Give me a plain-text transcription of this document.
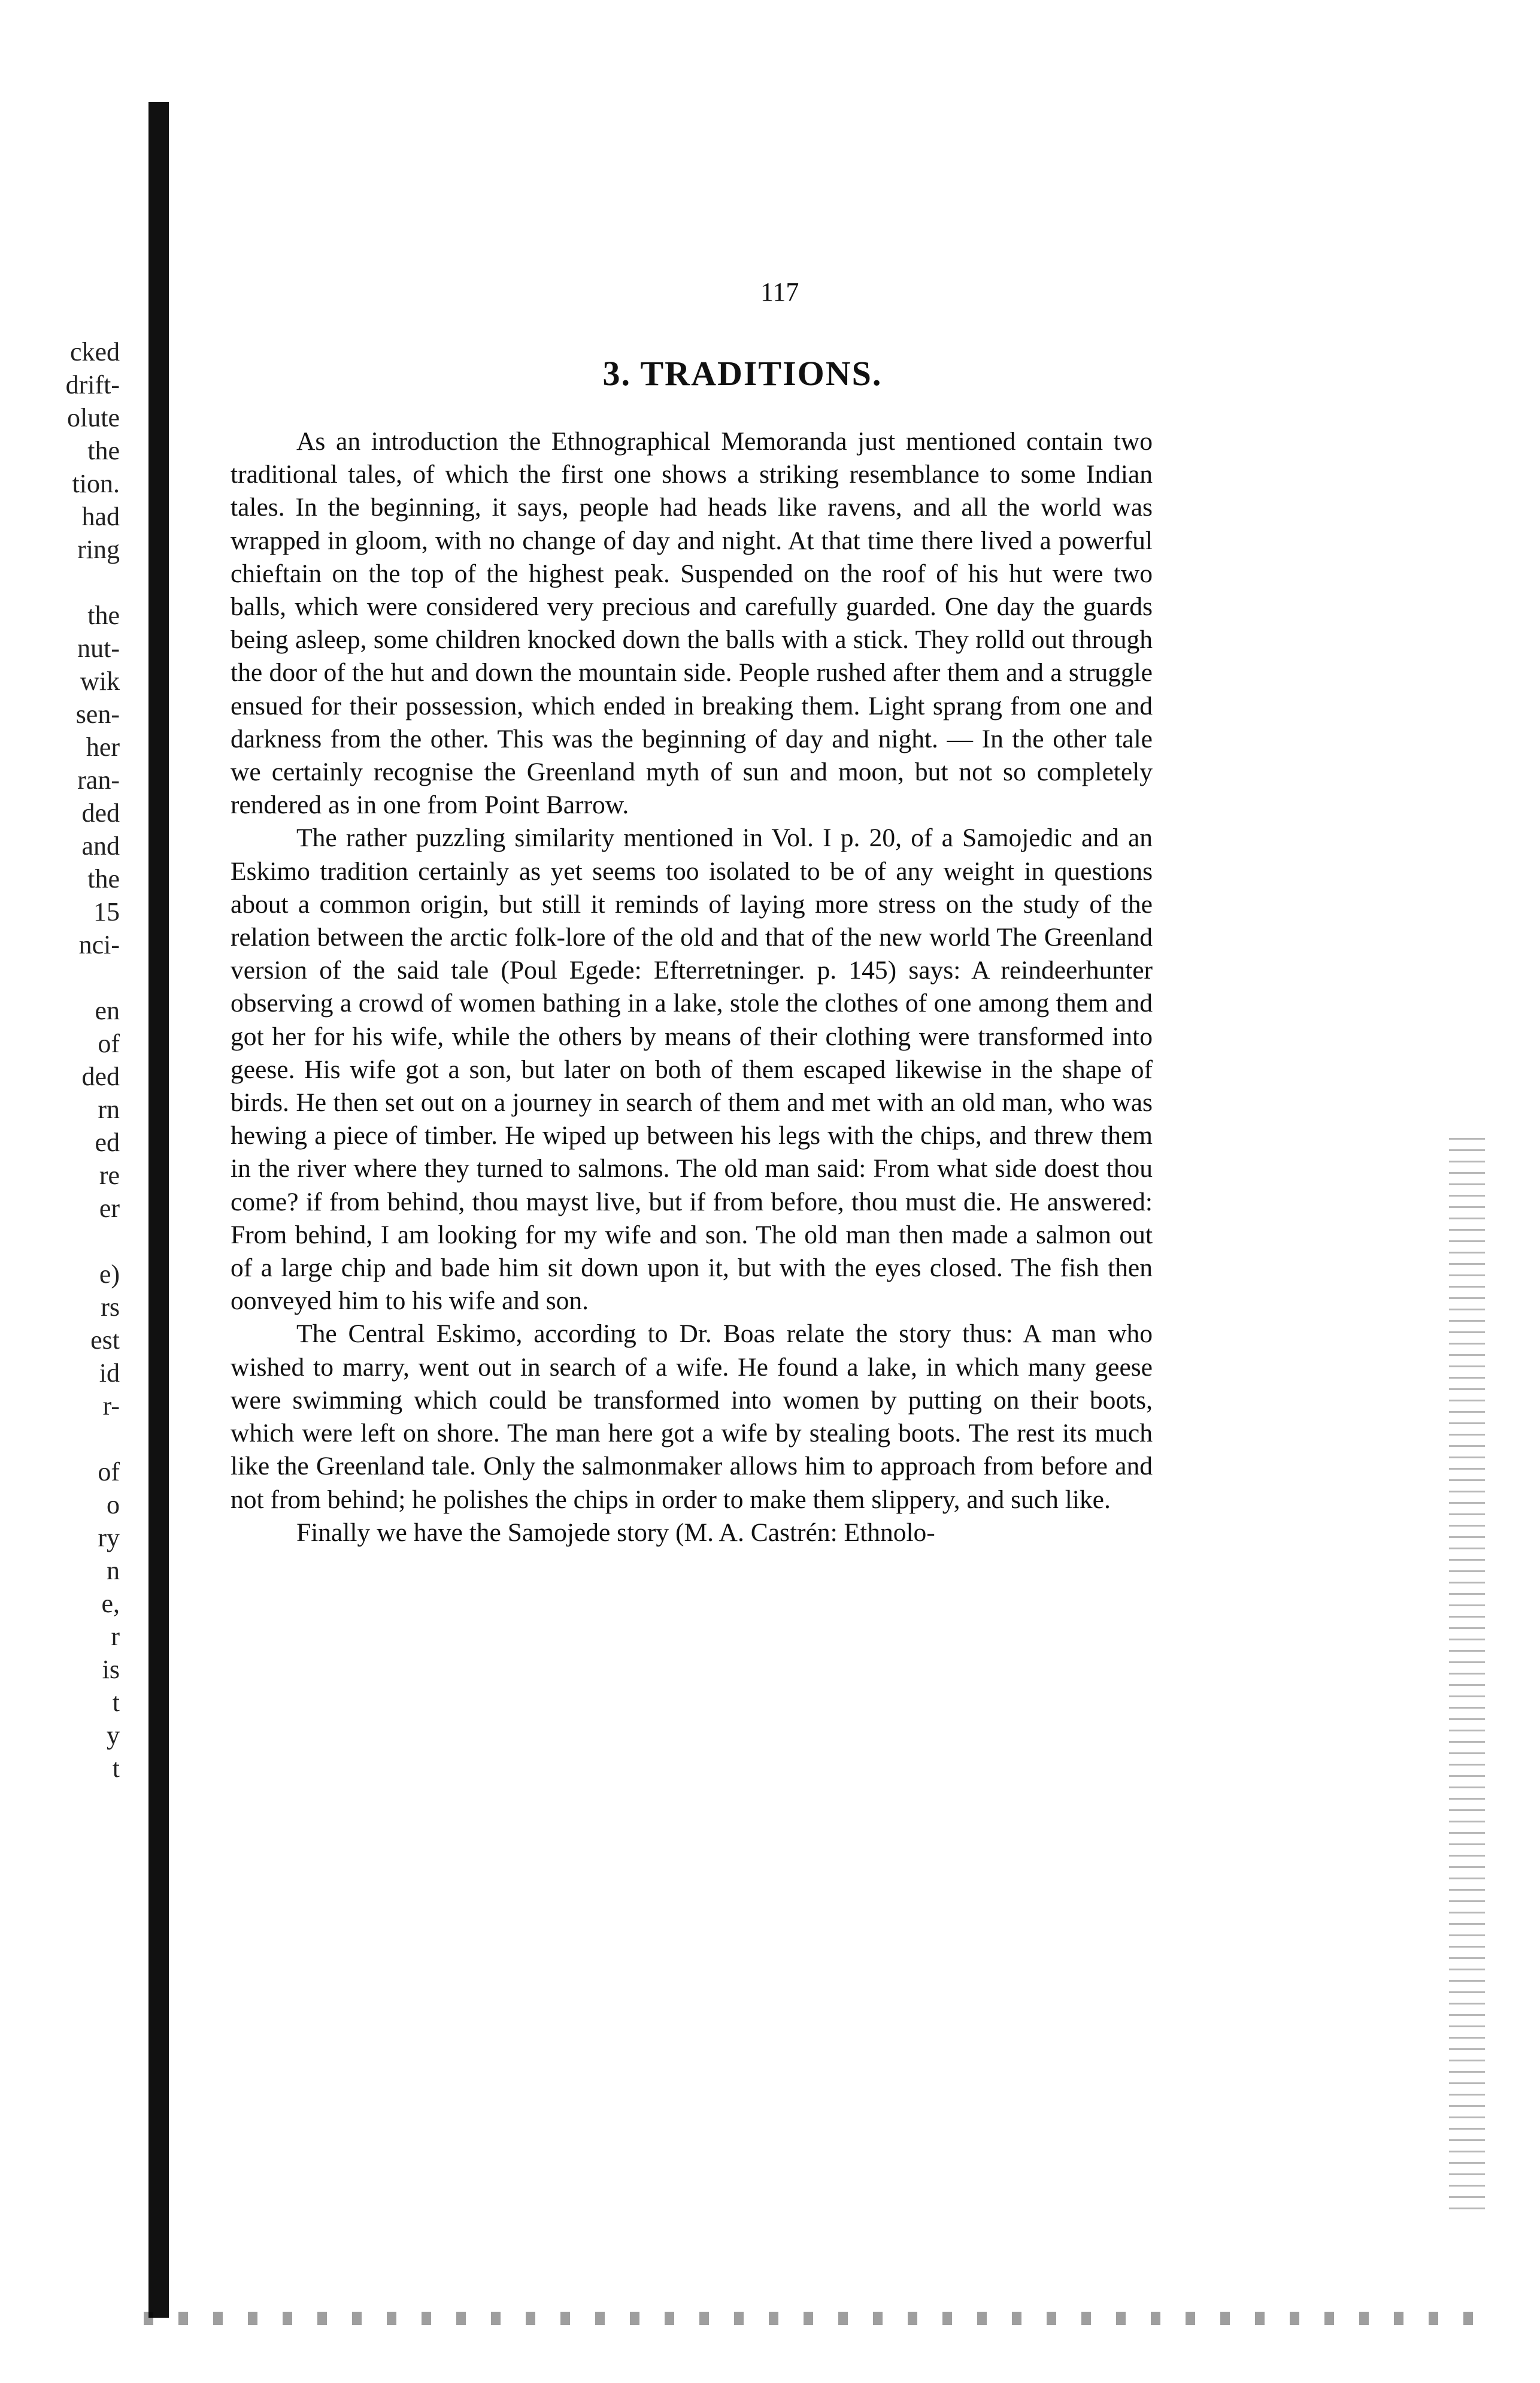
cked
drift-
olute
the
tion.
had
ring

the
nut-
wik
sen-
her
ran-
ded
and
the
15
nci-

en
of
ded
rn
ed
re
er

e)
rs
est
id
r-

of
o
ry
n
e,
r
is
t
y
t
117
3. TRADITIONS.

As an introduction the Ethnographical Memoranda just mentioned contain two traditional tales, of which the first one shows a striking resemblance to some Indian tales. In the beginning, it says, people had heads like ravens, and all the world was wrapped in gloom, with no change of day and night. At that time there lived a powerful chieftain on the top of the highest peak. Suspended on the roof of his hut were two balls, which were considered very precious and carefully guarded. One day the guards being asleep, some children knocked down the balls with a stick. They rolld out through the door of the hut and down the mountain side. People rushed after them and a struggle ensued for their possession, which ended in breaking them. Light sprang from one and darkness from the other. This was the beginning of day and night. — In the other tale we certainly recognise the Greenland myth of sun and moon, but not so completely rendered as in one from Point Barrow.

The rather puzzling similarity mentioned in Vol. I p. 20, of a Samojedic and an Eskimo tradition certainly as yet seems too isolated to be of any weight in questions about a common origin, but still it reminds of laying more stress on the study of the relation between the arctic folk-lore of the old and that of the new world The Greenland version of the said tale (Poul Egede: Efterretninger. p. 145) says: A reindeerhunter observing a crowd of women bathing in a lake, stole the clothes of one among them and got her for his wife, while the others by means of their clothing were transformed into geese. His wife got a son, but later on both of them escaped likewise in the shape of birds. He then set out on a journey in search of them and met with an old man, who was hewing a piece of timber. He wiped up between his legs with the chips, and threw them in the river where they turned to salmons. The old man said: From what side doest thou come? if from behind, thou mayst live, but if from before, thou must die. He answered: From behind, I am looking for my wife and son. The old man then made a salmon out of a large chip and bade him sit down upon it, but with the eyes closed. The fish then oonveyed him to his wife and son.

The Central Eskimo, according to Dr. Boas relate the story thus: A man who wished to marry, went out in search of a wife. He found a lake, in which many geese were swimming which could be transformed into women by putting on their boots, which were left on shore. The man here got a wife by stealing boots. The rest its much like the Greenland tale. Only the salmonmaker allows him to approach from before and not from behind; he polishes the chips in order to make them slippery, and such like.

Finally we have the Samojede story (M. A. Castrén: Ethnolo-
